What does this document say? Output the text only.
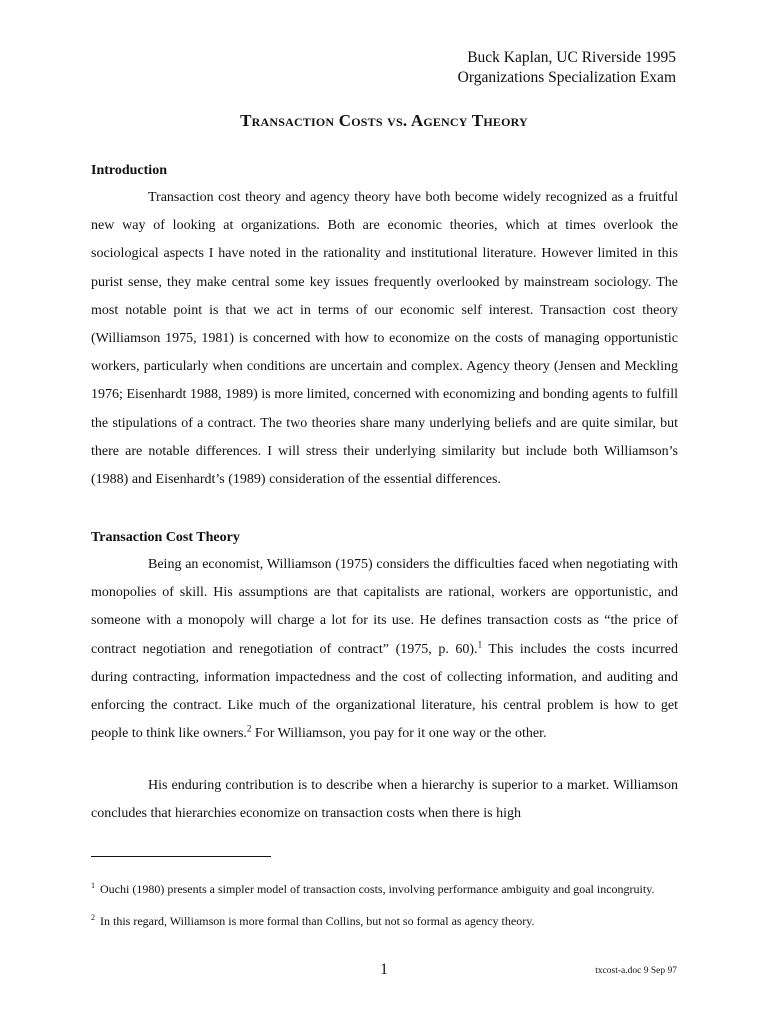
Buck Kaplan, UC Riverside 1995
Organizations Specialization Exam
Transaction Costs vs. Agency Theory
Introduction

Transaction cost theory and agency theory have both become widely recognized as a fruitful new way of looking at organizations. Both are economic theories, which at times overlook the sociological aspects I have noted in the rationality and institutional literature. However limited in this purist sense, they make central some key issues frequently overlooked by mainstream sociology. The most notable point is that we act in terms of our economic self interest. Transaction cost theory (Williamson 1975, 1981) is concerned with how to economize on the costs of managing opportunistic workers, particularly when conditions are uncertain and complex. Agency theory (Jensen and Meckling 1976; Eisenhardt 1988, 1989) is more limited, concerned with economizing and bonding agents to fulfill the stipulations of a contract. The two theories share many underlying beliefs and are quite similar, but there are notable differences. I will stress their underlying similarity but include both Williamson’s (1988) and Eisenhardt’s (1989) consideration of the essential differences.

Transaction Cost Theory

Being an economist, Williamson (1975) considers the difficulties faced when negotiating with monopolies of skill. His assumptions are that capitalists are rational, workers are opportunistic, and someone with a monopoly will charge a lot for its use. He defines transaction costs as “the price of contract negotiation and renegotiation of contract” (1975, p. 60).$^1$ This includes the costs incurred during contracting, information impactedness and the cost of collecting information, and auditing and enforcing the contract. Like much of the organizational literature, his central problem is how to get people to think like owners.$^2$ For Williamson, you pay for it one way or the other.

His enduring contribution is to describe when a hierarchy is superior to a market. Williamson concludes that hierarchies economize on transaction costs when there is high

$^1$ Ouchi (1980) presents a simpler model of transaction costs, involving performance ambiguity and goal incongruity.
$^2$ In this regard, Williamson is more formal than Collins, but not so formal as agency theory.
1	txcost-a.doc 9 Sep 97
